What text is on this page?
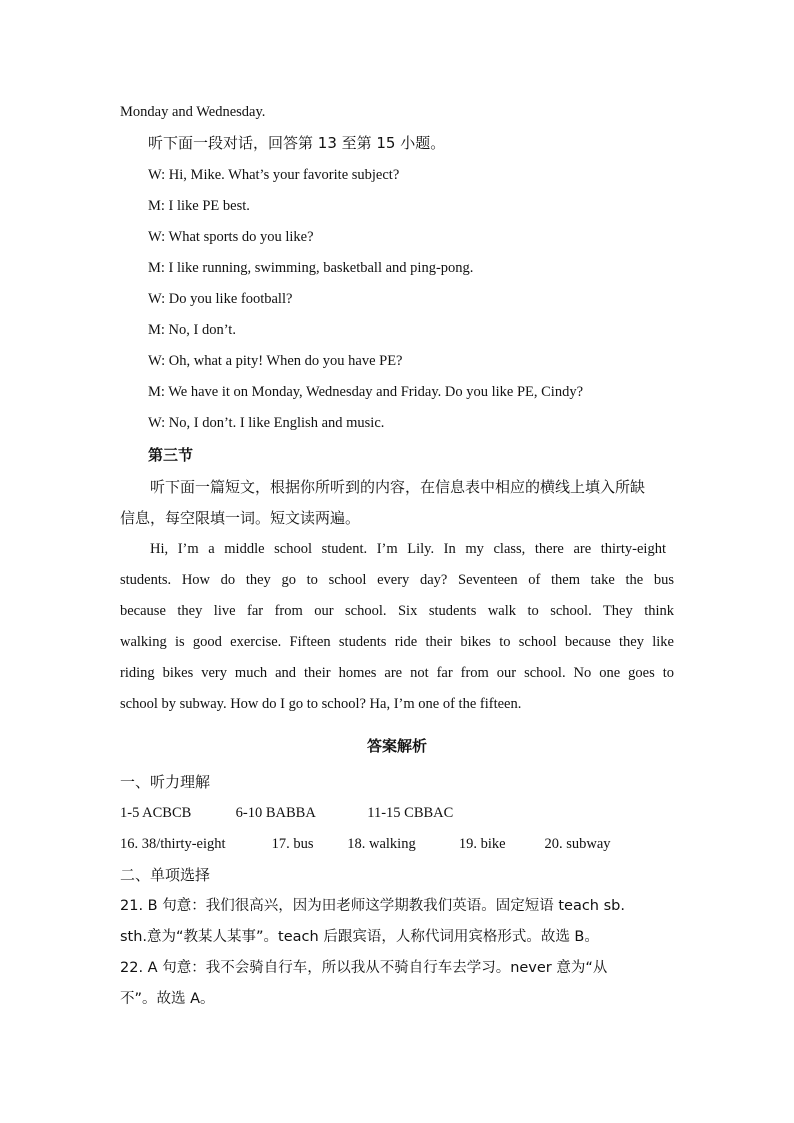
Monday and Wednesday.
听下面一段对话，回答第 13 至第 15 小题。
W: Hi, Mike. What’s your favorite subject?
M: I like PE best.
W: What sports do you like?
M: I like running, swimming, basketball and ping-pong.
W: Do you like football?
M: No, I don’t.
W: Oh, what a pity! When do you have PE?
M: We have it on Monday, Wednesday and Friday. Do you like PE, Cindy?
W: No, I don’t. I like English and music.
第三节
听下面一篇短文，根据你所听到的内容，在信息表中相应的横线上填入所缺
信息，每空限填一词。短文读两遍。
Hi, I’m a middle school student. I’m Lily. In my class, there are thirty-eight
students. How do they go to school every day? Seventeen of them take the bus
because they live far from our school. Six students walk to school. They think
walking is good exercise. Fifteen students ride their bikes to school because they like
riding bikes very much and their homes are not far from our school. No one goes to
school by subway. How do I go to school? Ha, I’m one of the fifteen.
答案解析
一、听力理解
1-5 ACBCB	6-10 BABBA	11-15 CBBAC
16. 38/thirty-eight	17. bus 18. walking	19. bike	20. subway
二、单项选择
21. B 句意：我们很高兴，因为田老师这学期教我们英语。固定短语 teach sb.
sth.意为“教某人某事”。teach 后跟宾语，人称代词用宾格形式。故选 B。
22. A 句意：我不会骑自行车，所以我从不骑自行车去学习。never 意为“从
不”。故选 A。
